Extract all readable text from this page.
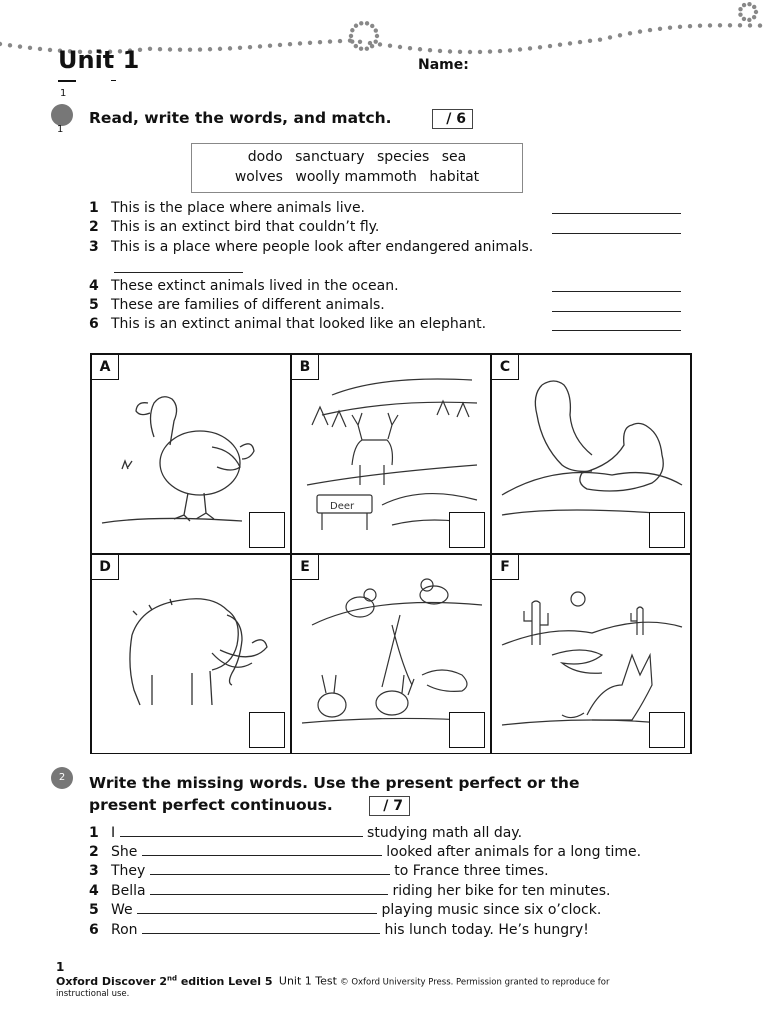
Unit 1	Name:
1
1
Read, write the words, and match.	/ 6
dodo sanctuary species sea
wolves woolly mammoth habitat
1 This is the place where animals live.
2 This is an extinct bird that couldn’t fly.
3 This is a place where people look after endangered animals.
4 These extinct animals lived in the ocean.
5 These are families of different animals.
6 This is an extinct animal that looked like an elephant.
A
Deer
B	C
D	E	F
2	Write the missing words. Use the present perfect or the
present perfect continuous.	/ 7
1 I	studying math all day.
2 She	looked after animals for a long time.
3 They	to France three times.
4 Bella	riding her bike for ten minutes.
5 We	playing music since six o’clock.
6 Ron	his lunch today. He’s hungry!
1
Oxford Discover 2nd edition Level 5 Unit 1 Test © Oxford University Press. Permission granted to reproduce for
instructional use.
